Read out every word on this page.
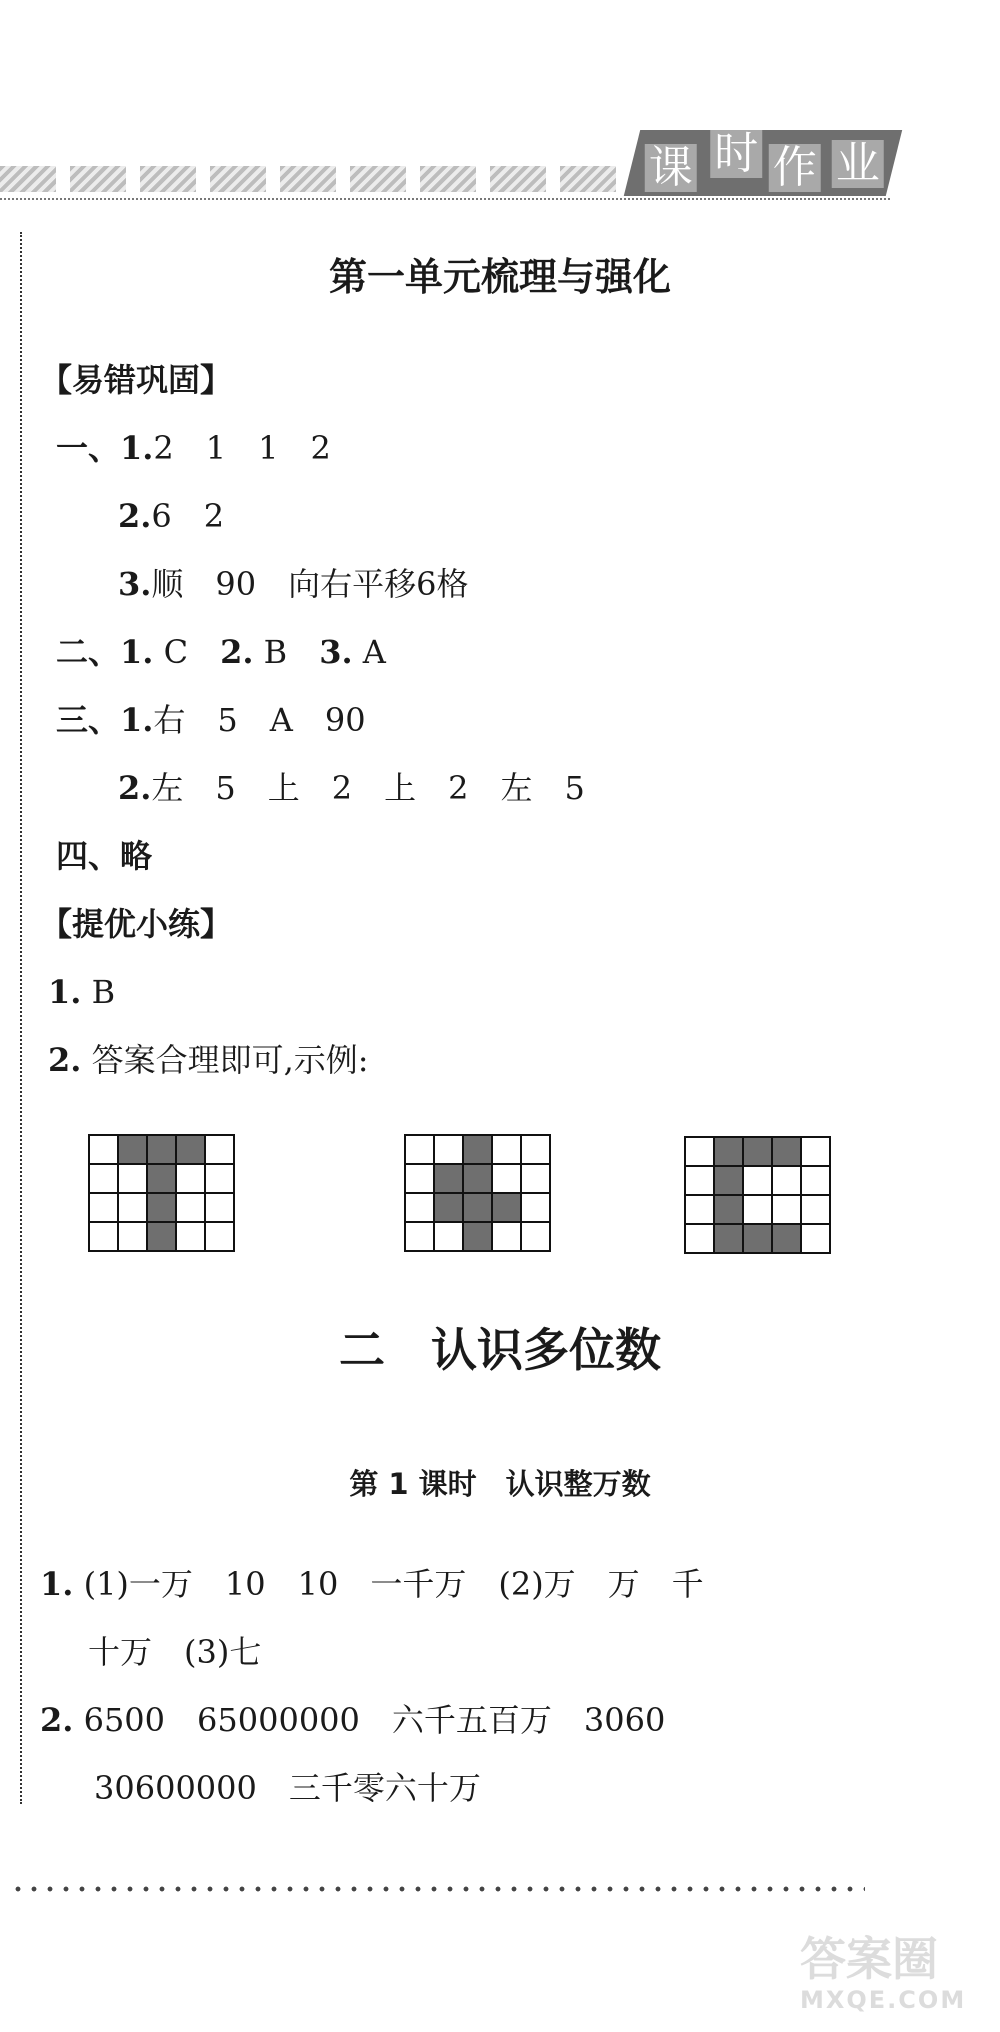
课 时 作 业
第一单元梳理与强化
【易错巩固】
一、1.2　1　1　2
2.6　2
3.顺　90　向右平移6格
二、1. C　2. B　3. A
三、1.右　5　A　90
2.左　5　上　2　上　2　左　5
四、略
【提优小练】
1. B
2. 答案合理即可,示例:

二　认识多位数
第 1 课时　认识整万数
1. (1)一万　10　10　一千万　(2)万　万　千
十万　(3)七
2. 6500　65000000　六千五百万　3060
30600000　三千零六十万
答案圈
MXQE.COM
